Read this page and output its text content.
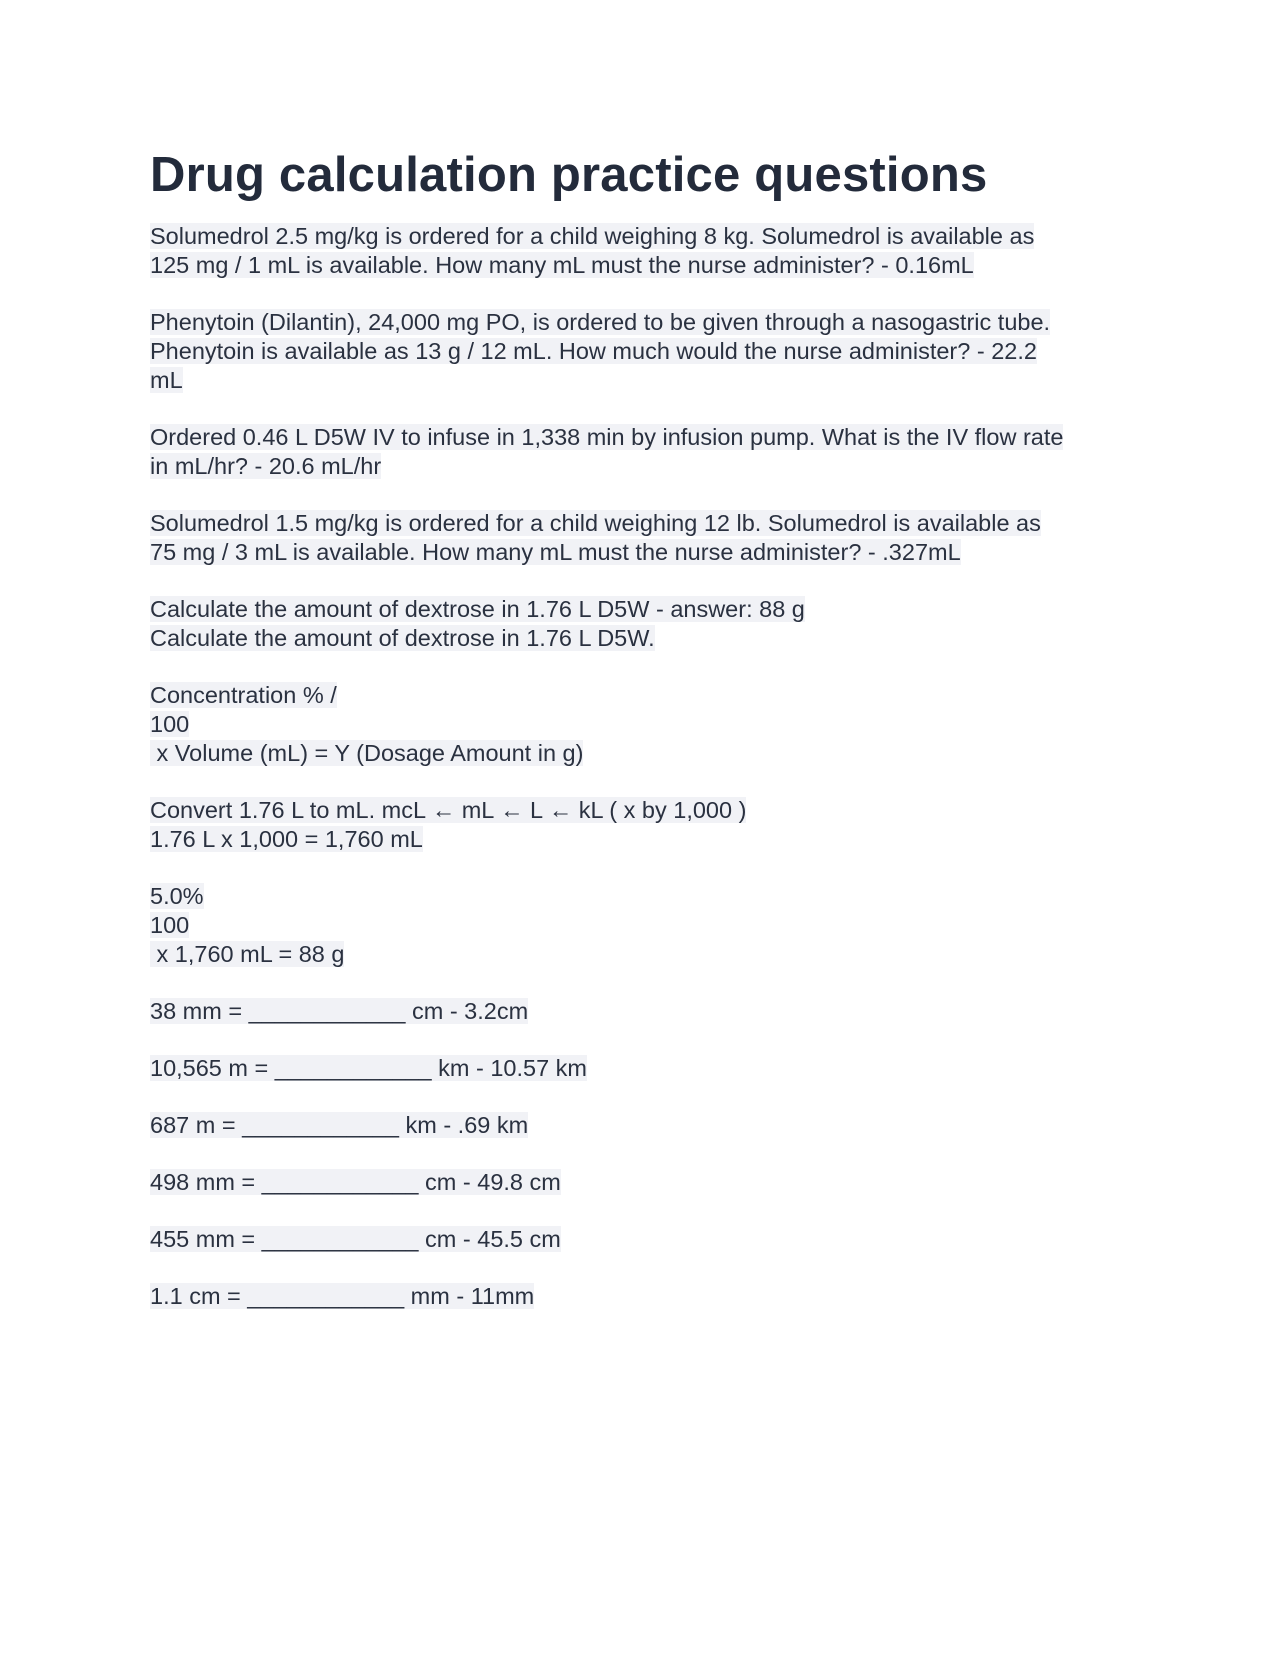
Drug calculation practice questions
Solumedrol 2.5 mg/kg is ordered for a child weighing 8 kg. Solumedrol is available as
125 mg / 1 mL is available. How many mL must the nurse administer? - 0.16mL
Phenytoin (Dilantin), 24,000 mg PO, is ordered to be given through a nasogastric tube.
Phenytoin is available as 13 g / 12 mL. How much would the nurse administer? - 22.2
mL
Ordered 0.46 L D5W IV to infuse in 1,338 min by infusion pump. What is the IV flow rate
in mL/hr? - 20.6 mL/hr
Solumedrol 1.5 mg/kg is ordered for a child weighing 12 lb. Solumedrol is available as
75 mg / 3 mL is available. How many mL must the nurse administer? - .327mL
Calculate the amount of dextrose in 1.76 L D5W - answer: 88 g
Calculate the amount of dextrose in 1.76 L D5W.
Concentration % /
100
x Volume (mL) = Y (Dosage Amount in g)
Convert 1.76 L to mL. mcL ← mL ← L ← kL ( x by 1,000 )
1.76 L x 1,000 = 1,760 mL
5.0%
100
x 1,760 mL = 88 g
38 mm = ____________ cm - 3.2cm
10,565 m = ____________ km - 10.57 km
687 m = ____________ km - .69 km
498 mm = ____________ cm - 49.8 cm
455 mm = ____________ cm - 45.5 cm
1.1 cm = ____________ mm - 11mm
